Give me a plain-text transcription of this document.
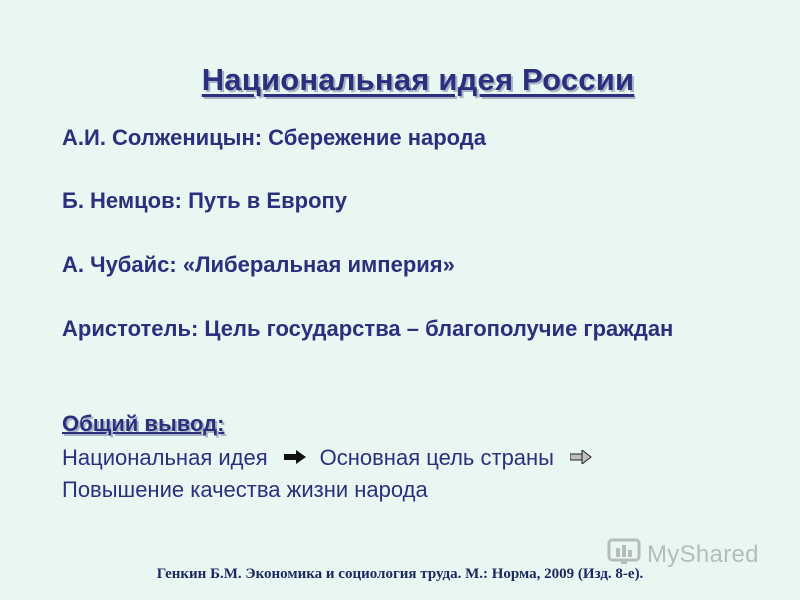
Национальная идея России
А.И. Солженицын: Сбережение народа
Б. Немцов: Путь в Европу
А. Чубайс: «Либеральная империя»
Аристотель: Цель государства – благополучие граждан
Общий вывод:
Национальная идея Основная цель страны
Повышение качества жизни народа
MyShared
Генкин Б.М. Экономика и социология труда. М.: Норма, 2009 (Изд. 8-е).
